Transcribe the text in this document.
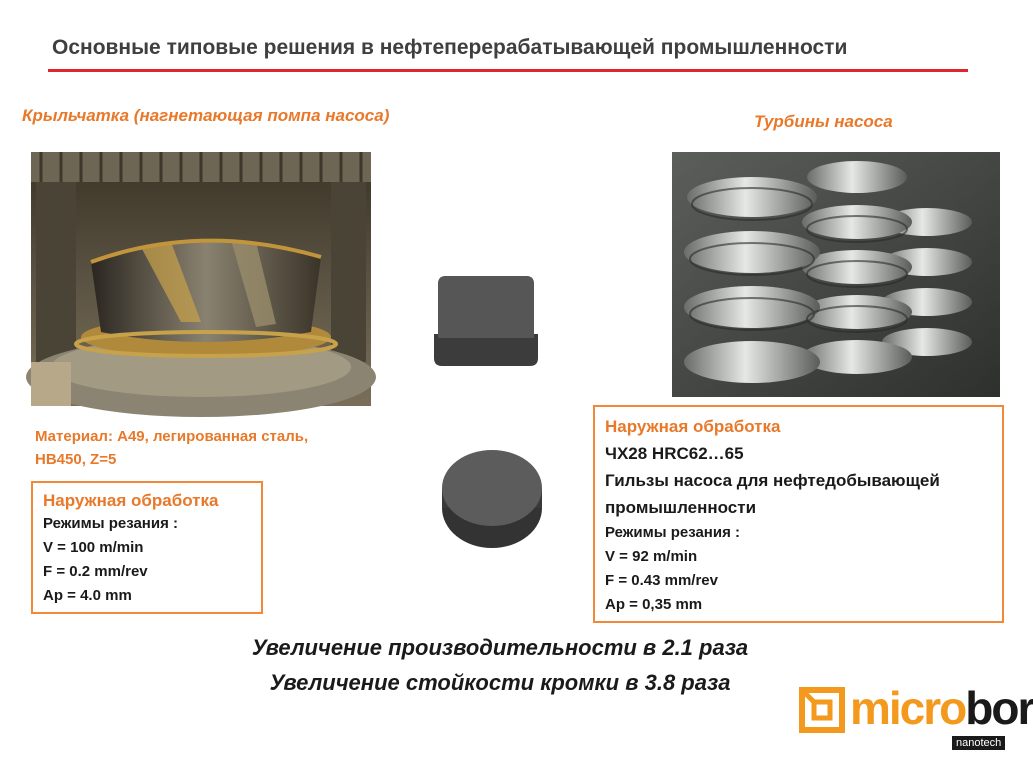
Основные типовые решения в нефтеперерабатывающей промышленности
Крыльчатка (нагнетающая помпа насоса)
Материал: А49, легированная сталь,
НВ450, Z=5
Наружная обработка
Режимы резания :
V = 100 m/min
F = 0.2 mm/rev
Ap = 4.0 mm
Турбины насоса
Наружная обработка
ЧХ28 HRC62…65
Гильзы насоса для нефтедобывающей
промышленности
Режимы резания :
V = 92 m/min
F = 0.43 mm/rev
Ap = 0,35 mm
Увеличение производительности в 2.1 раза
Увеличение стойкости кромки в 3.8 раза	microbor
nanotech
